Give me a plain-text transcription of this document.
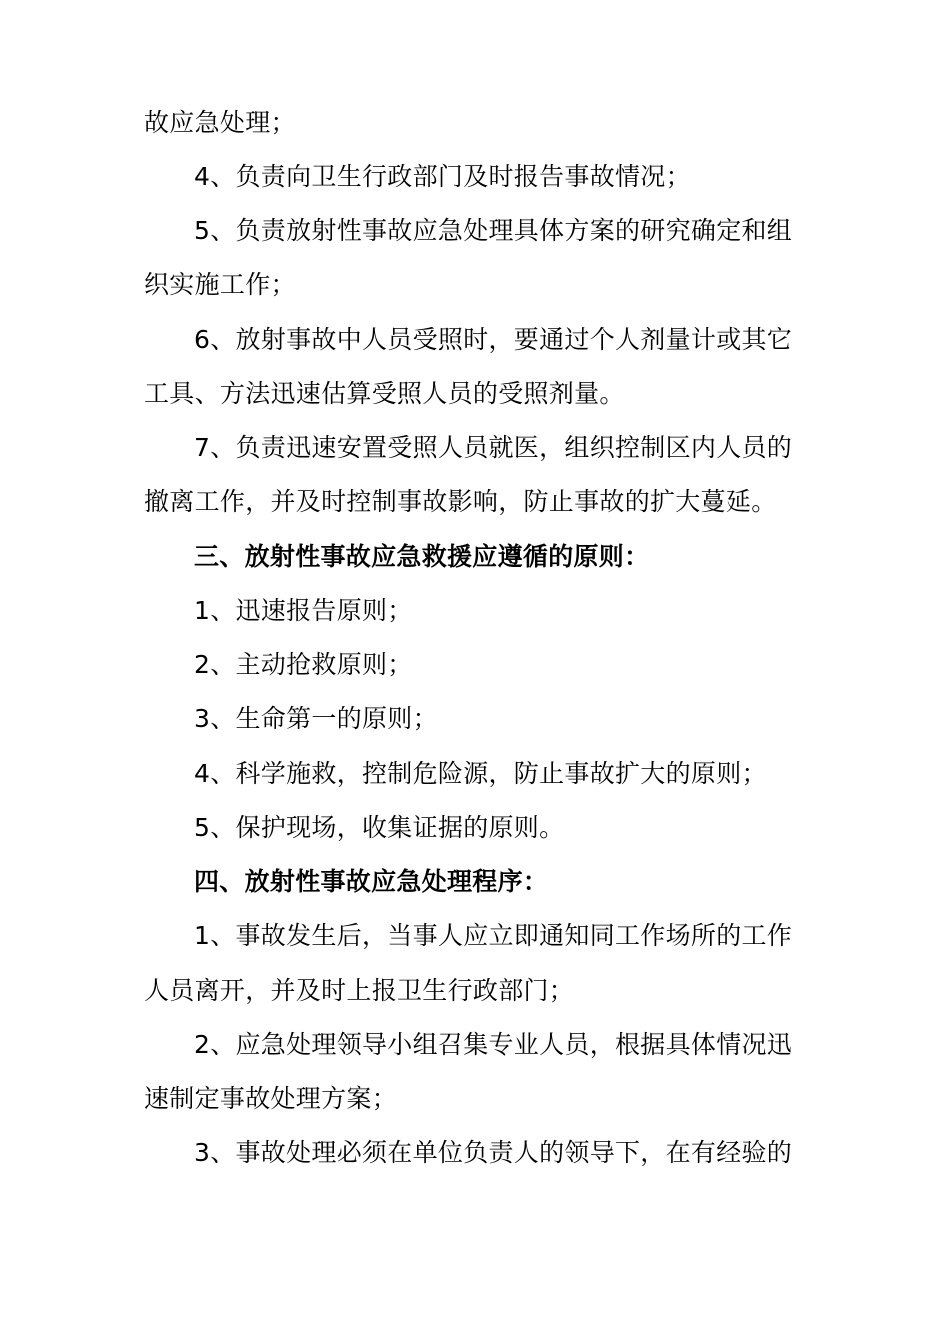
故应急处理；
4、负责向卫生行政部门及时报告事故情况；
5、负责放射性事故应急处理具体方案的研究确定和组
织实施工作；
6、放射事故中人员受照时，要通过个人剂量计或其它
工具、方法迅速估算受照人员的受照剂量。
7、负责迅速安置受照人员就医，组织控制区内人员的
撤离工作，并及时控制事故影响，防止事故的扩大蔓延。
三、放射性事故应急救援应遵循的原则：
1、迅速报告原则；
2、主动抢救原则；
3、生命第一的原则；
4、科学施救，控制危险源，防止事故扩大的原则；
5、保护现场，收集证据的原则。
四、放射性事故应急处理程序：
1、事故发生后，当事人应立即通知同工作场所的工作
人员离开，并及时上报卫生行政部门；
2、应急处理领导小组召集专业人员，根据具体情况迅
速制定事故处理方案；
3、事故处理必须在单位负责人的领导下，在有经验的
